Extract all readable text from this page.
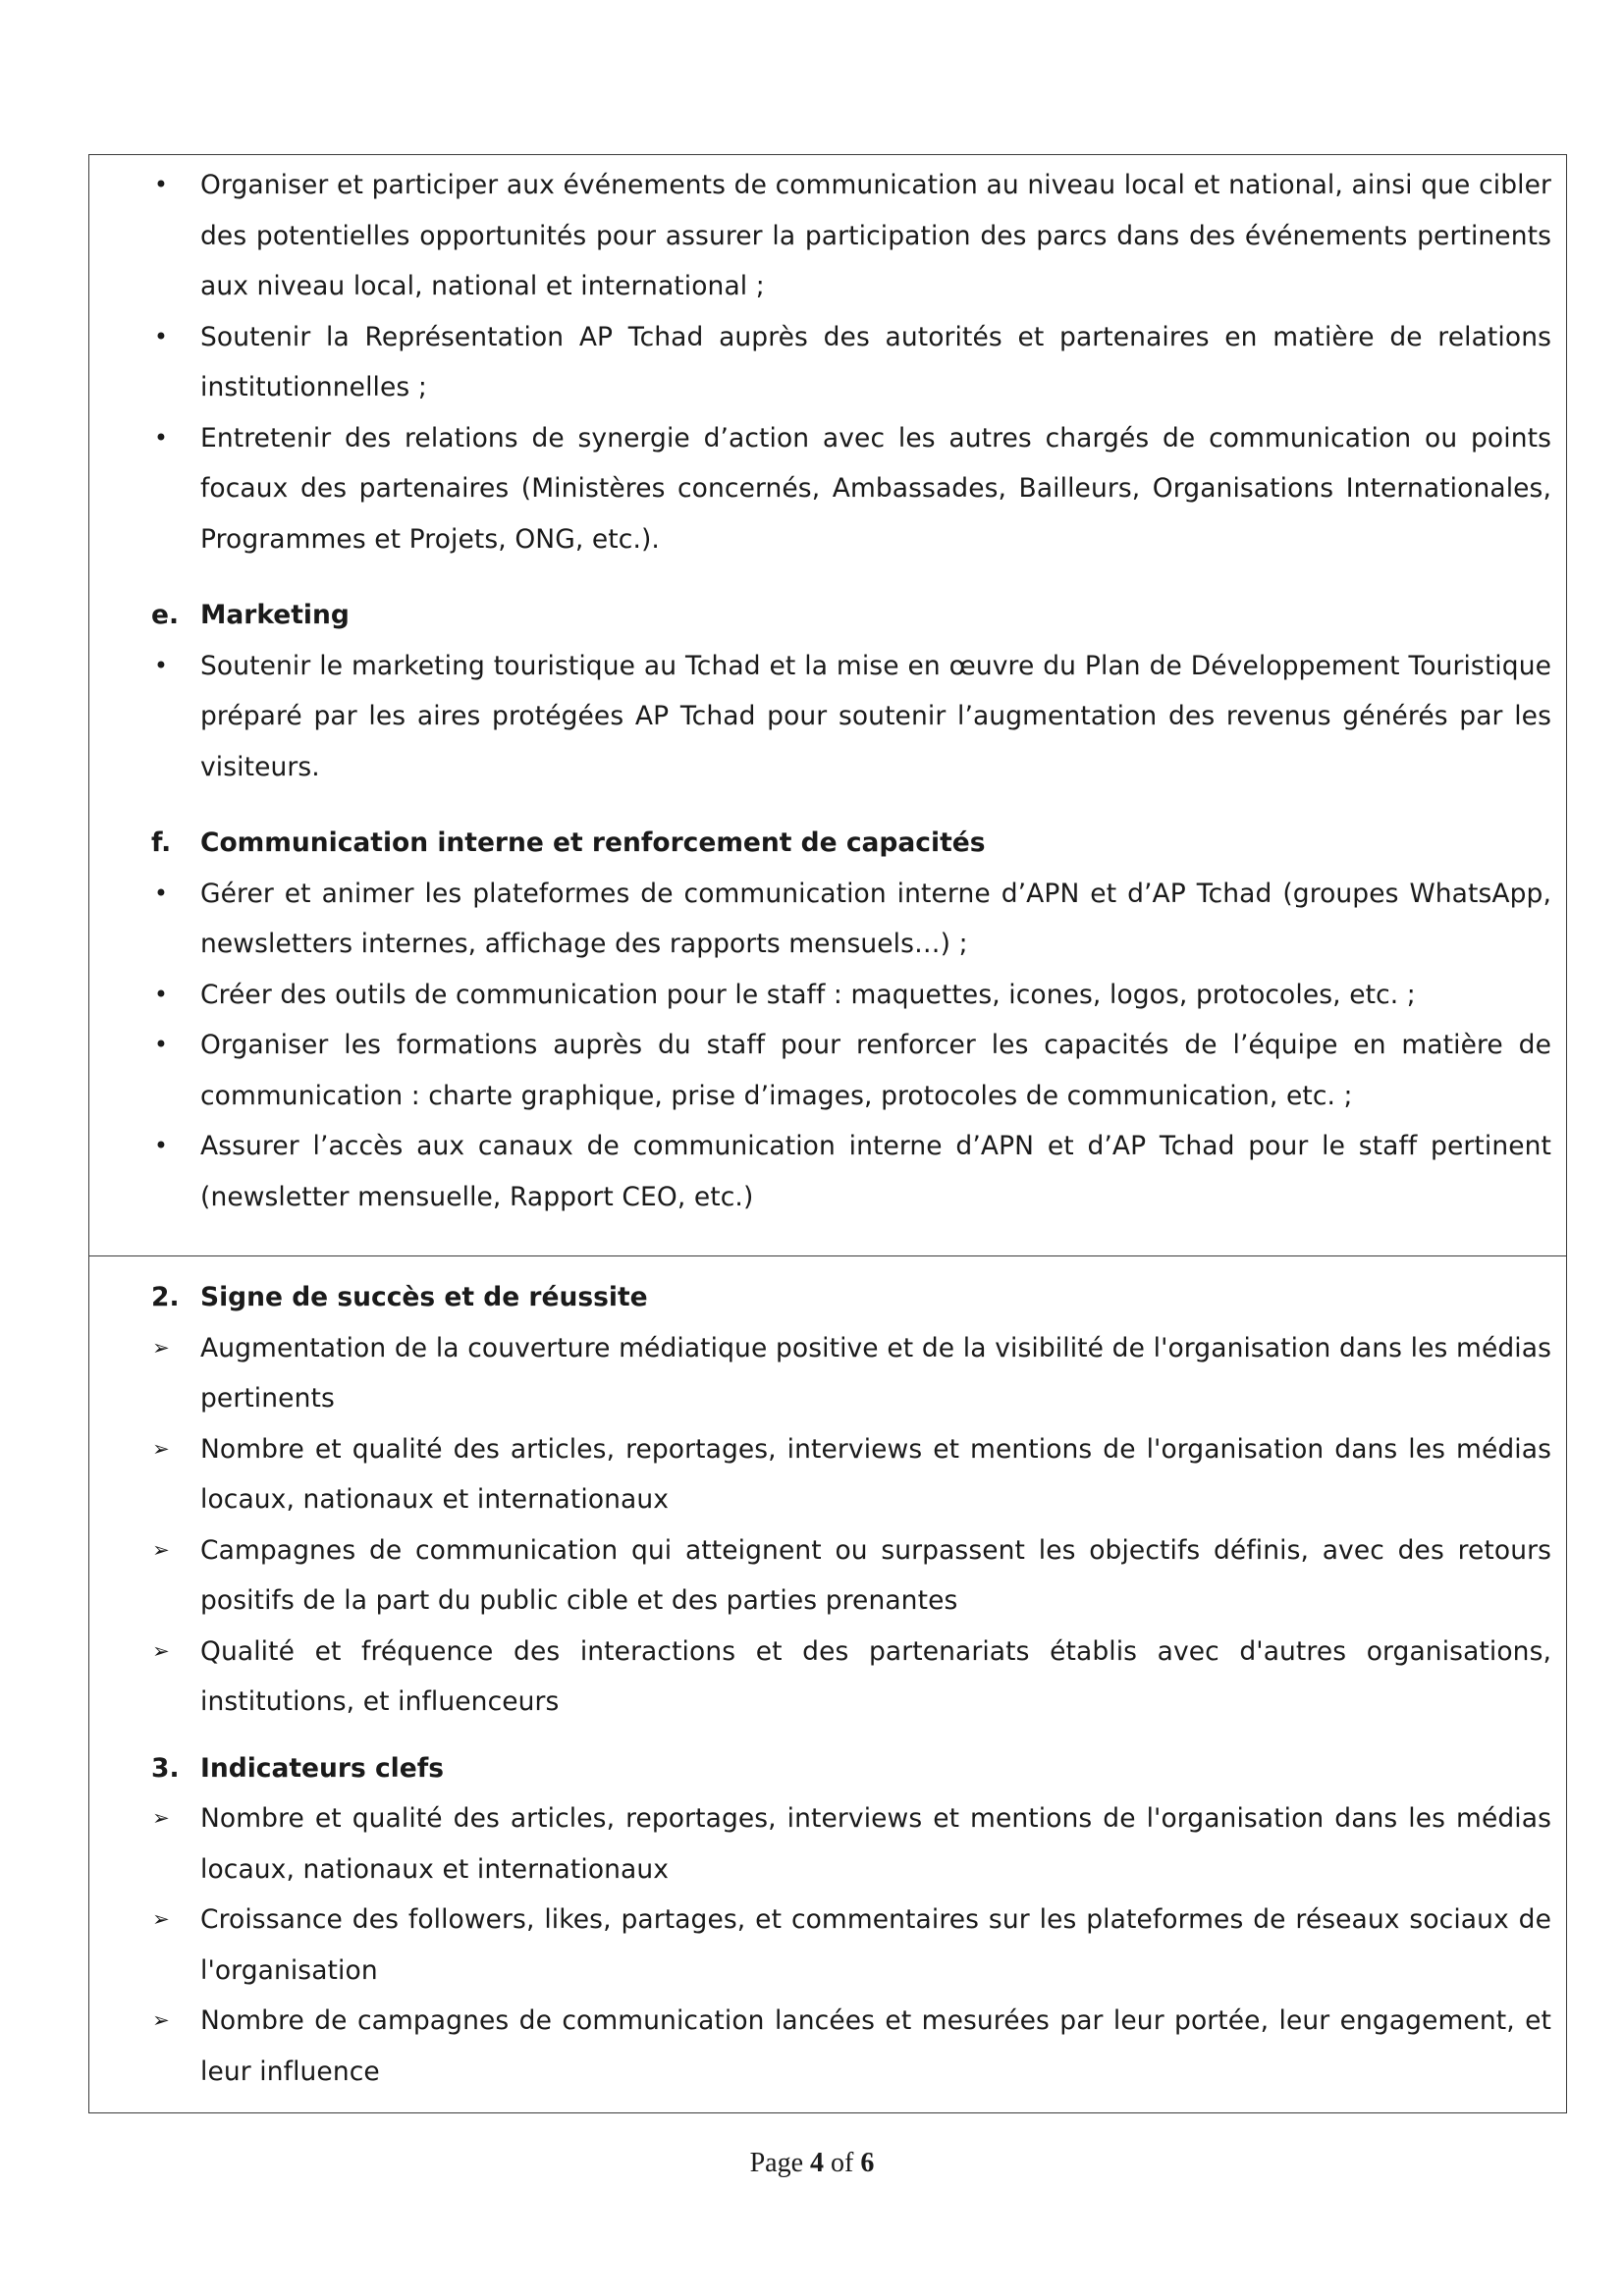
• Organiser et participer aux événements de communication au niveau local et national, ainsi que cibler des potentielles opportunités pour assurer la participation des parcs dans des événements pertinents aux niveau local, national et international ;
• Soutenir la Représentation AP Tchad auprès des autorités et partenaires en matière de relations institutionnelles ;
• Entretenir des relations de synergie d’action avec les autres chargés de communication ou points focaux des partenaires (Ministères concernés, Ambassades, Bailleurs, Organisations Internationales, Programmes et Projets, ONG, etc.).
e. Marketing
• Soutenir le marketing touristique au Tchad et la mise en œuvre du Plan de Développement Touristique préparé par les aires protégées AP Tchad pour soutenir l’augmentation des revenus générés par les visiteurs.
f. Communication interne et renforcement de capacités
• Gérer et animer les plateformes de communication interne d’APN et d’AP Tchad (groupes WhatsApp, newsletters internes, affichage des rapports mensuels…) ;
• Créer des outils de communication pour le staff : maquettes, icones, logos, protocoles, etc. ;
• Organiser les formations auprès du staff pour renforcer les capacités de l’équipe en matière de communication : charte graphique, prise d’images, protocoles de communication, etc. ;
• Assurer l’accès aux canaux de communication interne d’APN et d’AP Tchad pour le staff pertinent (newsletter mensuelle, Rapport CEO, etc.)
2. Signe de succès et de réussite
➢ Augmentation de la couverture médiatique positive et de la visibilité de l'organisation dans les médias pertinents
➢ Nombre et qualité des articles, reportages, interviews et mentions de l'organisation dans les médias locaux, nationaux et internationaux
➢ Campagnes de communication qui atteignent ou surpassent les objectifs définis, avec des retours positifs de la part du public cible et des parties prenantes
➢ Qualité et fréquence des interactions et des partenariats établis avec d'autres organisations, institutions, et influenceurs
3. Indicateurs clefs
➢ Nombre et qualité des articles, reportages, interviews et mentions de l'organisation dans les médias locaux, nationaux et internationaux
➢ Croissance des followers, likes, partages, et commentaires sur les plateformes de réseaux sociaux de l'organisation
➢ Nombre de campagnes de communication lancées et mesurées par leur portée, leur engagement, et leur influence
Page 4 of 6
